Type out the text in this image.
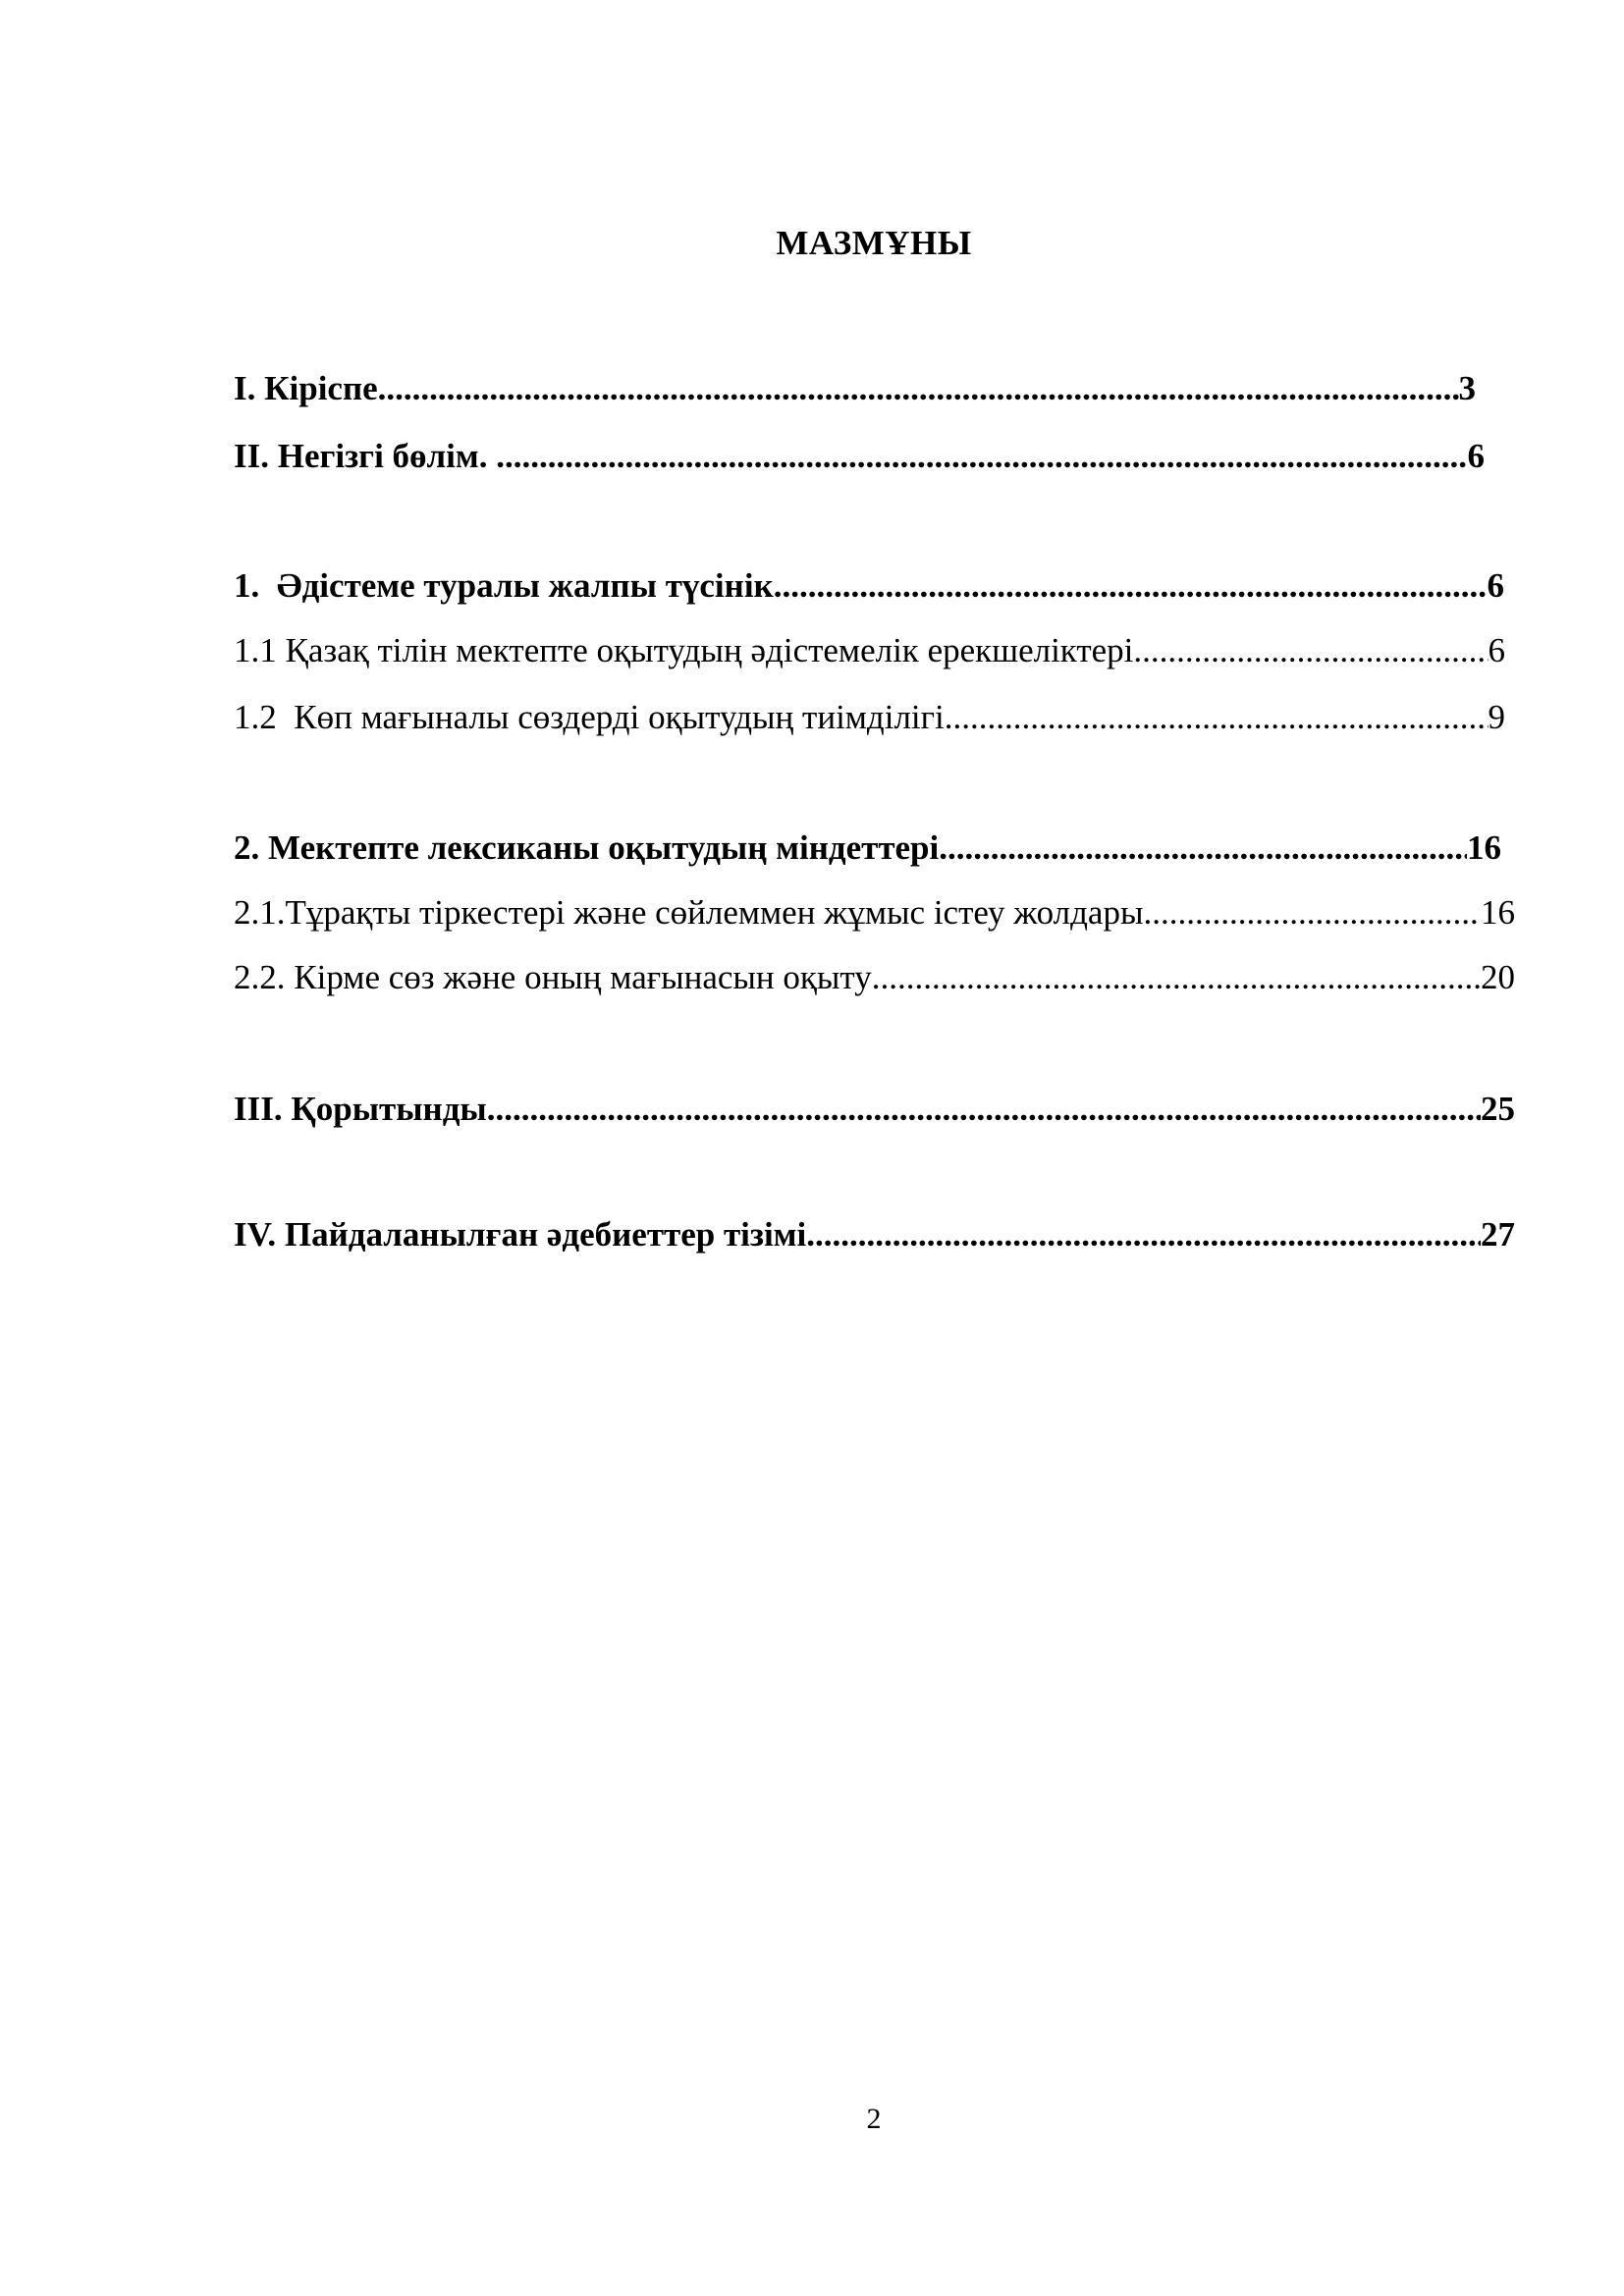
МАЗМҰНЫ
I. Кіріспе .....	3
II. Негізгі бөлім. .....	6
1.  Әдістеме туралы жалпы түсінік .....	6
1.1 Қазақ тілін мектепте оқытудың әдістемелік ерекшеліктері .....	6
1.2  Көп мағыналы сөздерді оқытудың тиімділігі .....	9
2. Мектепте лексиканы оқытудың міндеттері .....	16
2.1.Тұрақты тіркестері және сөйлеммен жұмыс істеу жолдары .....	16
2.2. Кірме сөз және оның мағынасын оқыту .....	20
III. Қорытынды .....	25
IV. Пайдаланылған әдебиеттер тізімі .....	27
2
